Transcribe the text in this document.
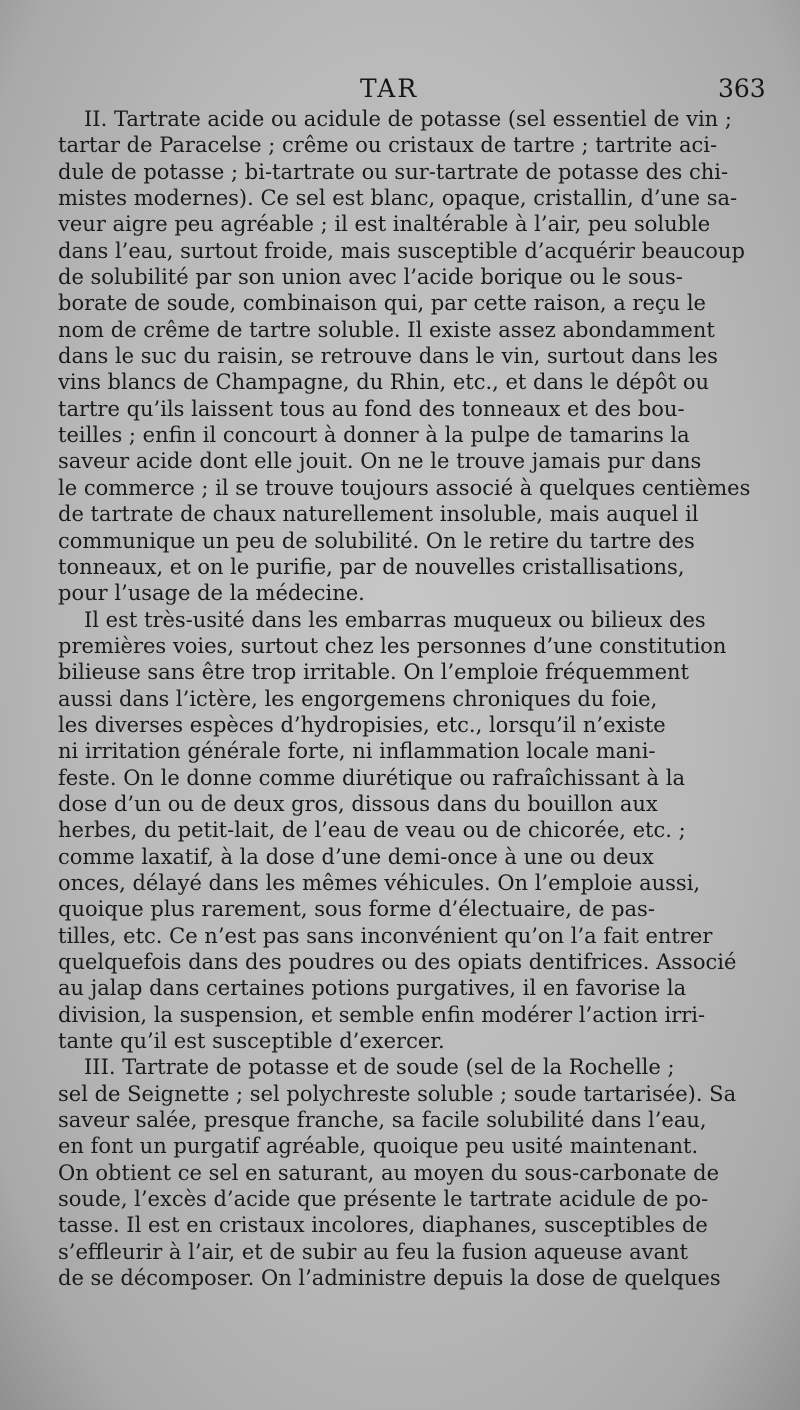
TAR	363
II. Tartrate acide ou acidule de potasse (sel essentiel de vin ;
tartar de Paracelse ; crême ou cristaux de tartre ; tartrite aci-
dule de potasse ; bi-tartrate ou sur-tartrate de potasse des chi-
mistes modernes). Ce sel est blanc, opaque, cristallin, d’une sa-
veur aigre peu agréable ; il est inaltérable à l’air, peu soluble
dans l’eau, surtout froide, mais susceptible d’acquérir beaucoup
de solubilité par son union avec l’acide borique ou le sous-
borate de soude, combinaison qui, par cette raison, a reçu le
nom de crême de tartre soluble. Il existe assez abondamment
dans le suc du raisin, se retrouve dans le vin, surtout dans les
vins blancs de Champagne, du Rhin, etc., et dans le dépôt ou
tartre qu’ils laissent tous au fond des tonneaux et des bou-
teilles ; enfin il concourt à donner à la pulpe de tamarins la
saveur acide dont elle jouit. On ne le trouve jamais pur dans
le commerce ; il se trouve toujours associé à quelques centièmes
de tartrate de chaux naturellement insoluble, mais auquel il
communique un peu de solubilité. On le retire du tartre des
tonneaux, et on le purifie, par de nouvelles cristallisations,
pour l’usage de la médecine.
Il est très-usité dans les embarras muqueux ou bilieux des
premières voies, surtout chez les personnes d’une constitution
bilieuse sans être trop irritable. On l’emploie fréquemment
aussi dans l’ictère, les engorgemens chroniques du foie,
les diverses espèces d’hydropisies, etc., lorsqu’il n’existe
ni irritation générale forte, ni inflammation locale mani-
feste. On le donne comme diurétique ou rafraîchissant à la
dose d’un ou de deux gros, dissous dans du bouillon aux
herbes, du petit-lait, de l’eau de veau ou de chicorée, etc. ;
comme laxatif, à la dose d’une demi-once à une ou deux
onces, délayé dans les mêmes véhicules. On l’emploie aussi,
quoique plus rarement, sous forme d’électuaire, de pas-
tilles, etc. Ce n’est pas sans inconvénient qu’on l’a fait entrer
quelquefois dans des poudres ou des opiats dentifrices. Associé
au jalap dans certaines potions purgatives, il en favorise la
division, la suspension, et semble enfin modérer l’action irri-
tante qu’il est susceptible d’exercer.
III. Tartrate de potasse et de soude (sel de la Rochelle ;
sel de Seignette ; sel polychreste soluble ; soude tartarisée). Sa
saveur salée, presque franche, sa facile solubilité dans l’eau,
en font un purgatif agréable, quoique peu usité maintenant.
On obtient ce sel en saturant, au moyen du sous-carbonate de
soude, l’excès d’acide que présente le tartrate acidule de po-
tasse. Il est en cristaux incolores, diaphanes, susceptibles de
s’effleurir à l’air, et de subir au feu la fusion aqueuse avant
de se décomposer. On l’administre depuis la dose de quelques
